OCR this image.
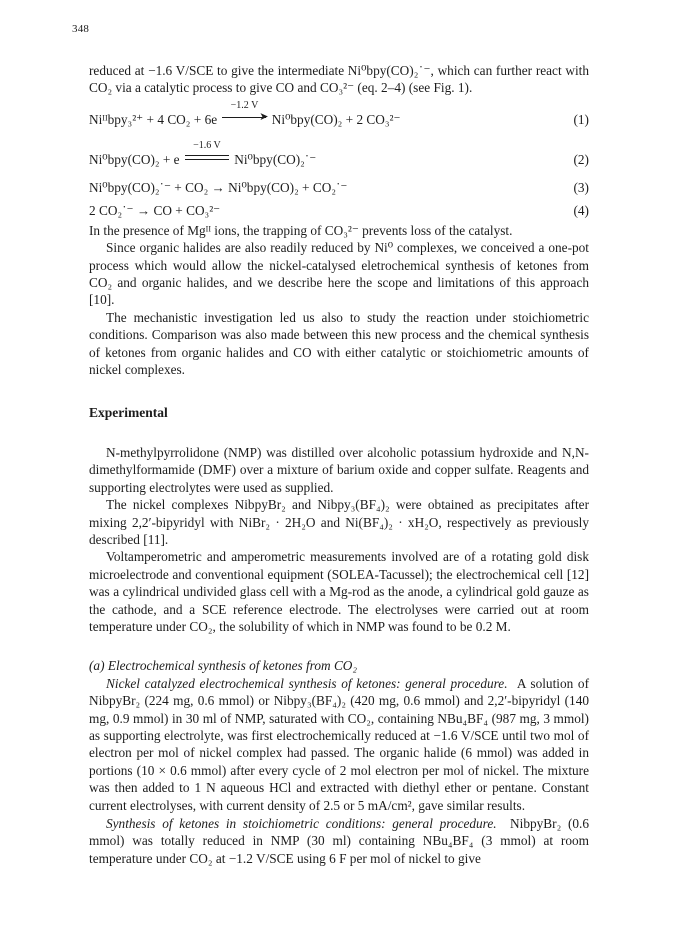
348

reduced at −1.6 V/SCE to give the intermediate Ni⁰bpy(CO)₂˙⁻, which can further react with CO₂ via a catalytic process to give CO and CO₃²⁻ (eq. 2–4) (see Fig. 1).

Niᴵᴵbpy₃²⁺ + 4 CO₂ + 6e
−1.2 V
➤ Ni⁰bpy(CO)₂ + 2 CO₃²⁻	(1)
Ni⁰bpy(CO)₂ + e
−1.6 V
Ni⁰bpy(CO)₂˙⁻	(2)
Ni⁰bpy(CO)₂˙⁻ + CO₂ → Ni⁰bpy(CO)₂ + CO₂˙⁻	(3)
2 CO₂˙⁻ → CO + CO₃²⁻	(4)

In the presence of Mgᴵᴵ ions, the trapping of CO₃²⁻ prevents loss of the catalyst.

Since organic halides are also readily reduced by Ni⁰ complexes, we conceived a one-pot process which would allow the nickel-catalysed eletrochemical synthesis of ketones from CO₂ and organic halides, and we describe here the scope and limitations of this approach [10].

The mechanistic investigation led us also to study the reaction under stoichiometric conditions. Comparison was also made between this new process and the chemical synthesis of ketones from organic halides and CO with either catalytic or stoichiometric amounts of nickel complexes.

Experimental

N-methylpyrrolidone (NMP) was distilled over alcoholic potassium hydroxide and N,N-dimethylformamide (DMF) over a mixture of barium oxide and copper sulfate. Reagents and supporting electrolytes were used as supplied.

The nickel complexes NibpyBr₂ and Nibpy₃(BF₄)₂ were obtained as precipitates after mixing 2,2′-bipyridyl with NiBr₂ · 2H₂O and Ni(BF₄)₂ · xH₂O, respectively as previously described [11].

Voltamperometric and amperometric measurements involved are of a rotating gold disk microelectrode and conventional equipment (SOLEA-Tacussel); the electrochemical cell [12] was a cylindrical undivided glass cell with a Mg-rod as the anode, a cylindrical gold gauze as the cathode, and a SCE reference electrode. The electrolyses were carried out at room temperature under CO₂, the solubility of which in NMP was found to be 0.2 M.

(a) Electrochemical synthesis of ketones from CO₂

Nickel catalyzed electrochemical synthesis of ketones: general procedure. A solution of NibpyBr₂ (224 mg, 0.6 mmol) or Nibpy₃(BF₄)₂ (420 mg, 0.6 mmol) and 2,2′-bipyridyl (140 mg, 0.9 mmol) in 30 ml of NMP, saturated with CO₂, containing NBu₄BF₄ (987 mg, 3 mmol) as supporting electrolyte, was first electrochemically reduced at −1.6 V/SCE until two mol of electron per mol of nickel complex had passed. The organic halide (6 mmol) was added in portions (10 × 0.6 mmol) after every cycle of 2 mol electron per mol of nickel. The mixture was then added to 1 N aqueous HCl and extracted with diethyl ether or pentane. Constant current electrolyses, with current density of 2.5 or 5 mA/cm², gave similar results.

Synthesis of ketones in stoichiometric conditions: general procedure. NibpyBr₂ (0.6 mmol) was totally reduced in NMP (30 ml) containing NBu₄BF₄ (3 mmol) at room temperature under CO₂ at −1.2 V/SCE using 6 F per mol of nickel to give
